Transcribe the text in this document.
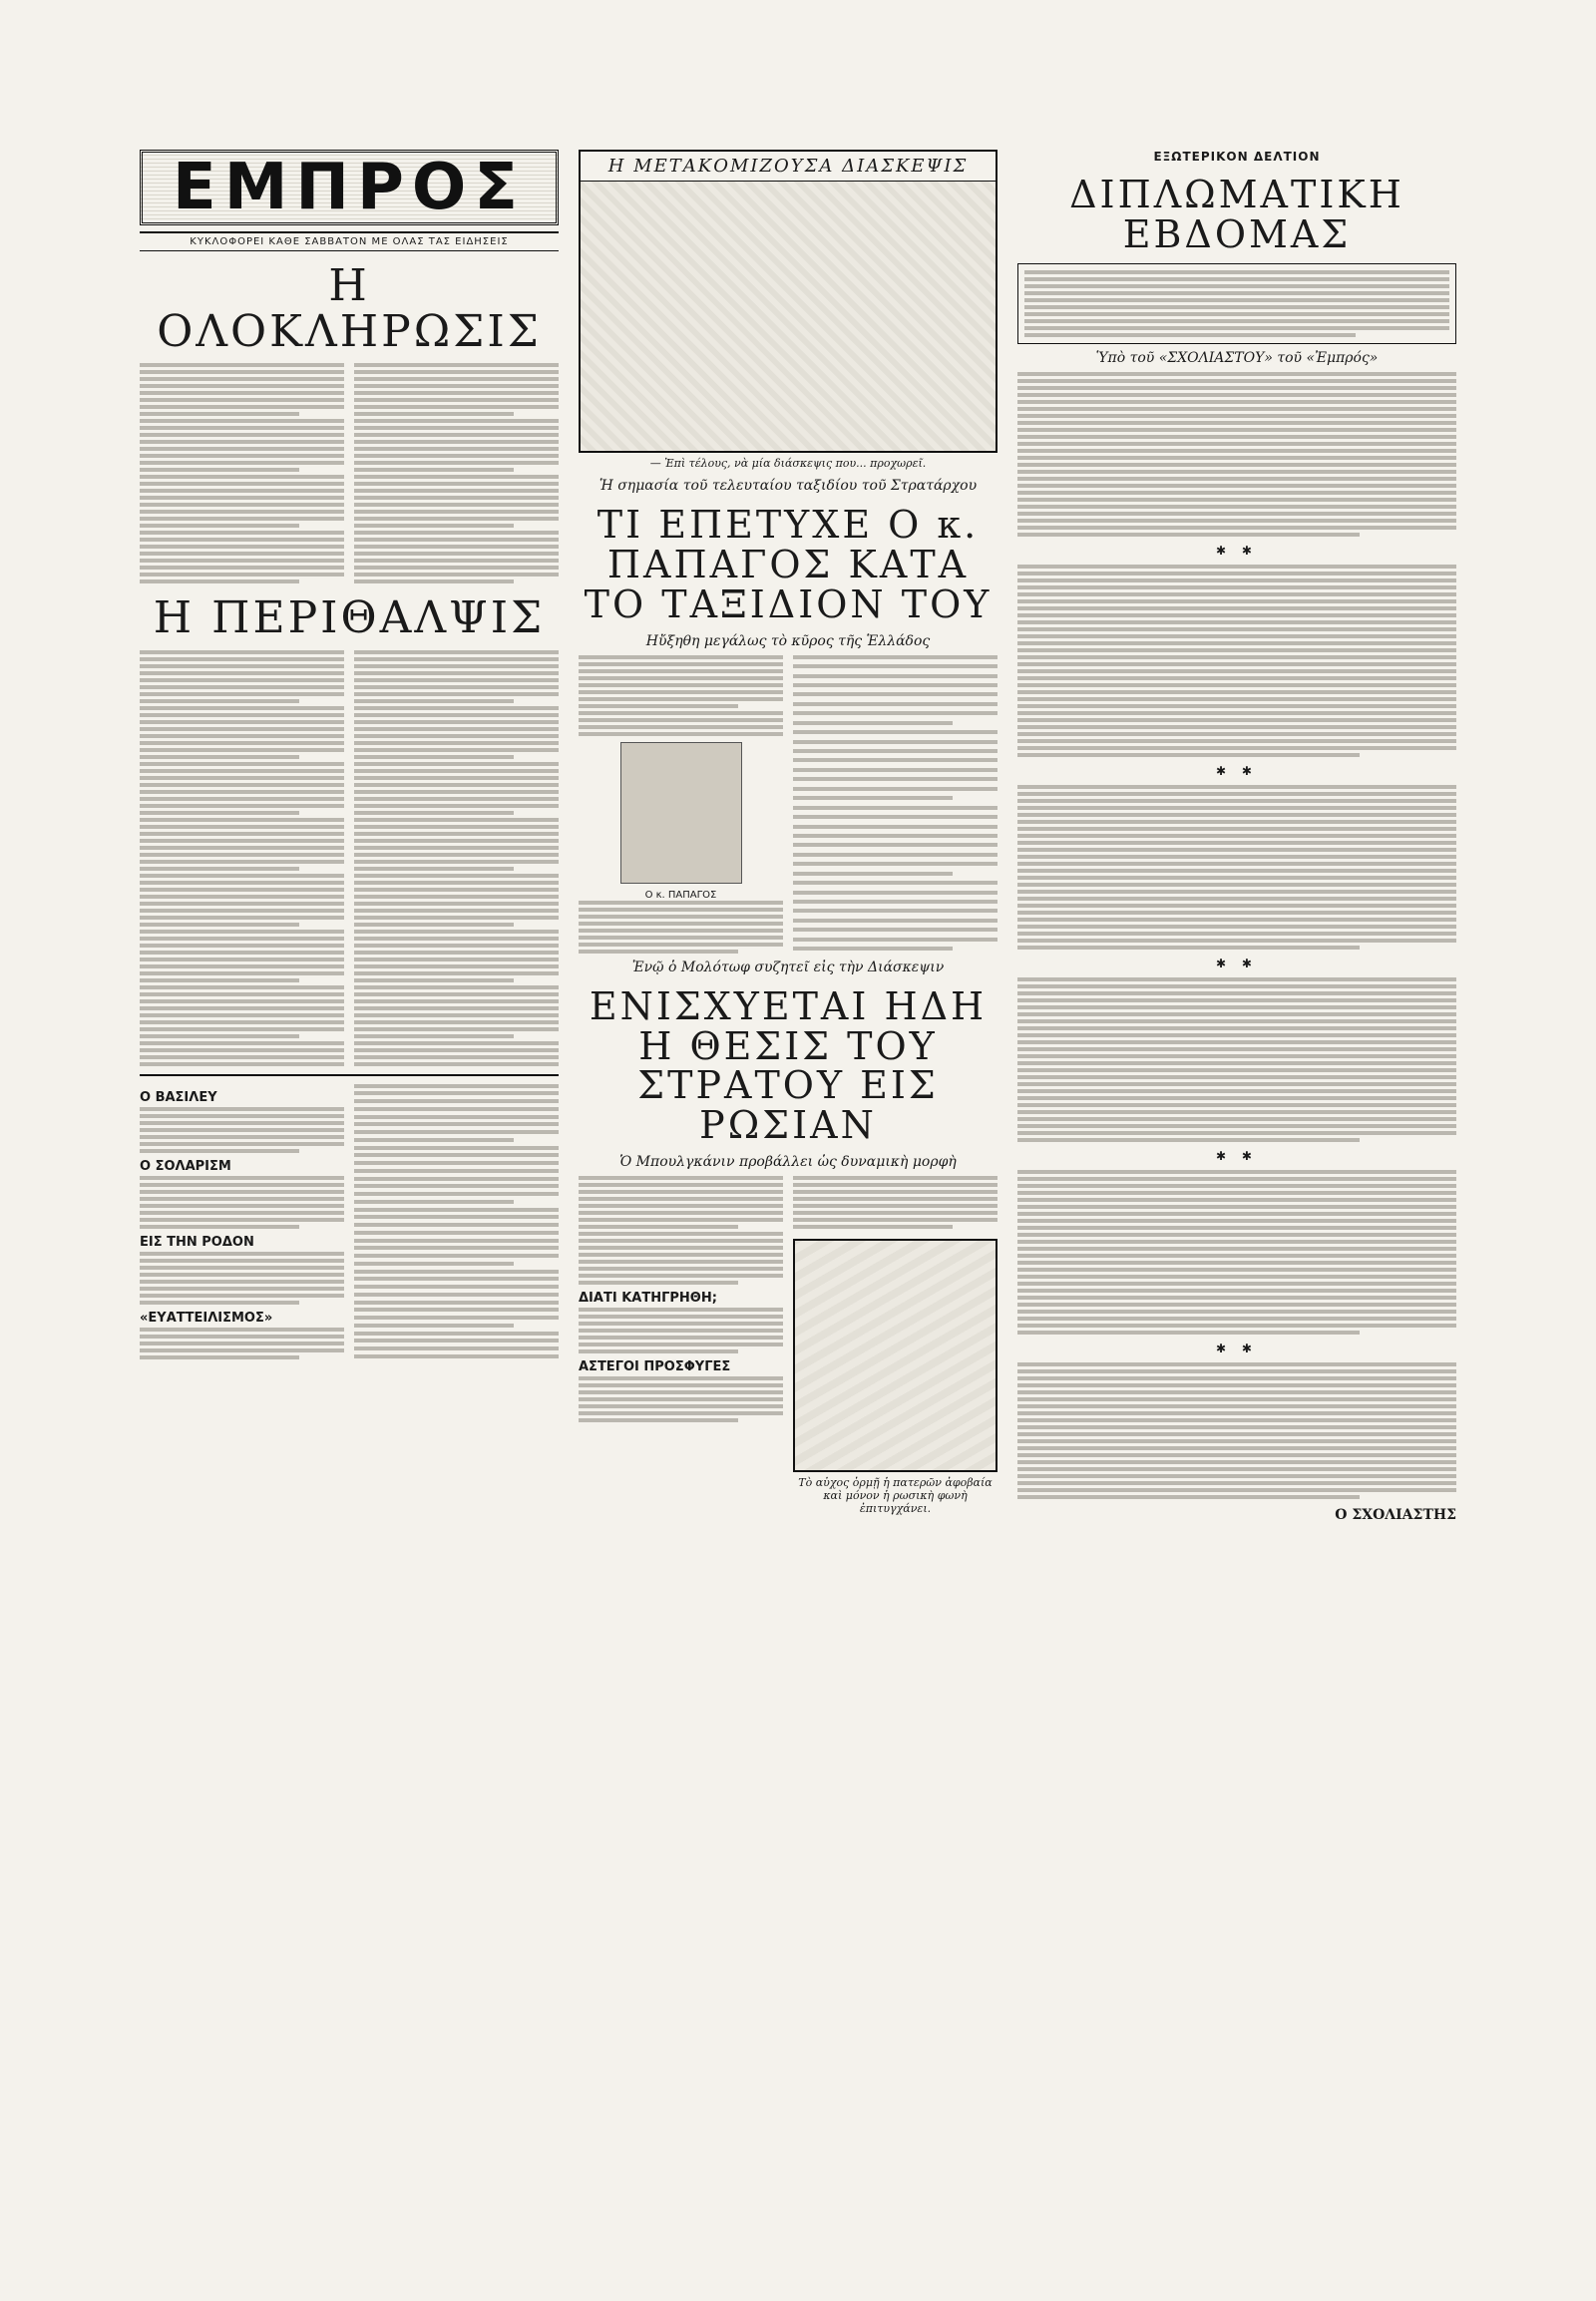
ΕΜΠΡΟΣ
ΚΥΚΛΟΦΟΡΕΙ ΚΑΘΕ ΣΑΒΒΑΤΟΝ ΜΕ ΟΛΑΣ ΤΑΣ ΕΙΔΗΣΕΙΣ
Η ΟΛΟΚΛΗΡΩΣΙΣ
Η ΠΕΡΙΘΑΛΨΙΣ
Ο ΒΑΣΙΛΕΥ
Ο ΣΟΛΑΡΙΣΜ
ΕΙΣ ΤΗΝ ΡΟΔΟΝ
«ΕΥΑΤΤΕΙΛΙΣΜΟΣ»
Η ΜΕΤΑΚΟΜΙΖΟΥΣΑ ΔΙΑΣΚΕΨΙΣ
— Ἐπὶ τέλους, νὰ μία διάσκεψις που... προχωρεῖ.
Ἡ σημασία τοῦ τελευταίου ταξιδίου τοῦ Στρατάρχου
ΤΙ ΕΠΕΤΥΧΕ Ο κ. ΠΑΠΑΓΟΣ ΚΑΤΑ ΤΟ ΤΑΞΙΔΙΟΝ ΤΟΥ
Ηὔξηθη μεγάλως τὸ κῦρος τῆς Ἑλλάδος
Ο κ. ΠΑΠΑΓΟΣ
Ἐνῷ ὁ Μολότωφ συζητεῖ εἰς τὴν Διάσκεψιν
ΕΝΙΣΧΥΕΤΑΙ ΗΔΗ Η ΘΕΣΙΣ ΤΟΥ ΣΤΡΑΤΟΥ ΕΙΣ ΡΩΣΙΑΝ
Ὁ Μπουλγκάνιν προβάλλει ὡς δυναμικὴ μορφὴ
ΔΙΑΤΙ ΚΑΤΗΓΡΗΘΗ;
ΑΣΤΕΓΟΙ ΠΡΟΣΦΥΓΕΣ
Τὸ αὐχος ὁρμῇ ἡ πατερῶν ἀφοβαία καὶ μόνον ἡ ρωσικὴ φωνὴ ἐπιτυγχάνει.
ΕΞΩΤΕΡΙΚΟΝ ΔΕΛΤΙΟΝ
ΔΙΠΛΩΜΑΤΙΚΗ ΕΒΔΟΜΑΣ
Ὑπὸ τοῦ «ΣΧΟΛΙΑΣΤΟΥ» τοῦ «Ἐμπρός»
✱ ✱
✱ ✱
✱ ✱
✱ ✱
✱ ✱
Ο ΣΧΟΛΙΑΣΤΗΣ
